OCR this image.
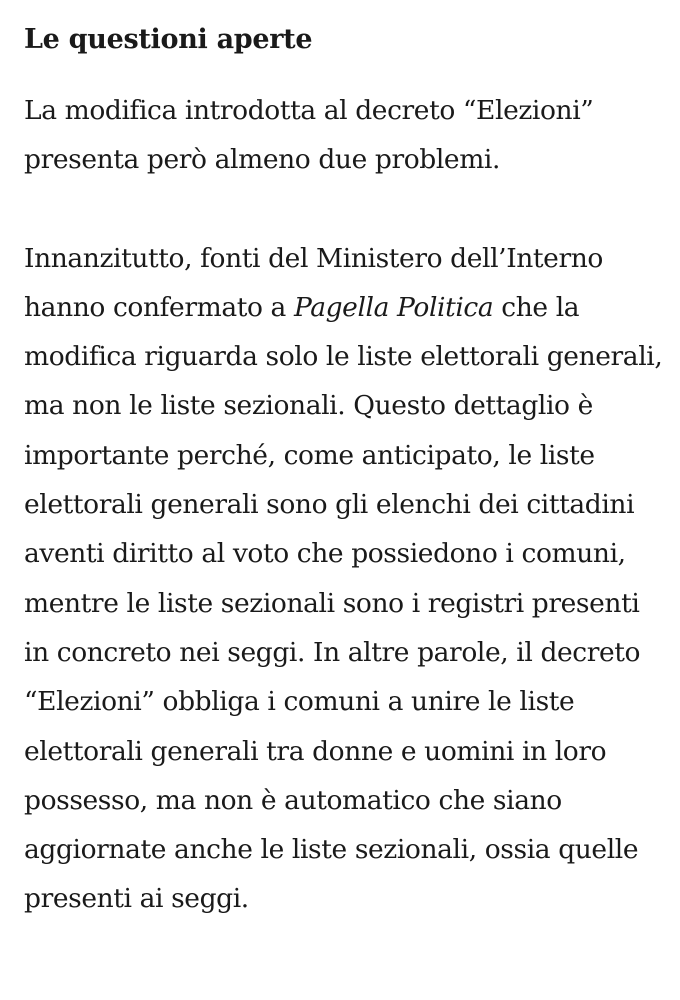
Le questioni aperte

La modifica introdotta al decreto “Elezioni” presenta però almeno due problemi.

Innanzitutto, fonti del Ministero dell’Interno hanno confermato a Pagella Politica che la modifica riguarda solo le liste elettorali generali, ma non le liste sezionali. Questo dettaglio è importante perché, come anticipato, le liste elettorali generali sono gli elenchi dei cittadini aventi diritto al voto che possiedono i comuni, mentre le liste sezionali sono i registri presenti in concreto nei seggi. In altre parole, il decreto “Elezioni” obbliga i comuni a unire le liste elettorali generali tra donne e uomini in loro possesso, ma non è automatico che siano aggiornate anche le liste sezionali, ossia quelle presenti ai seggi.
